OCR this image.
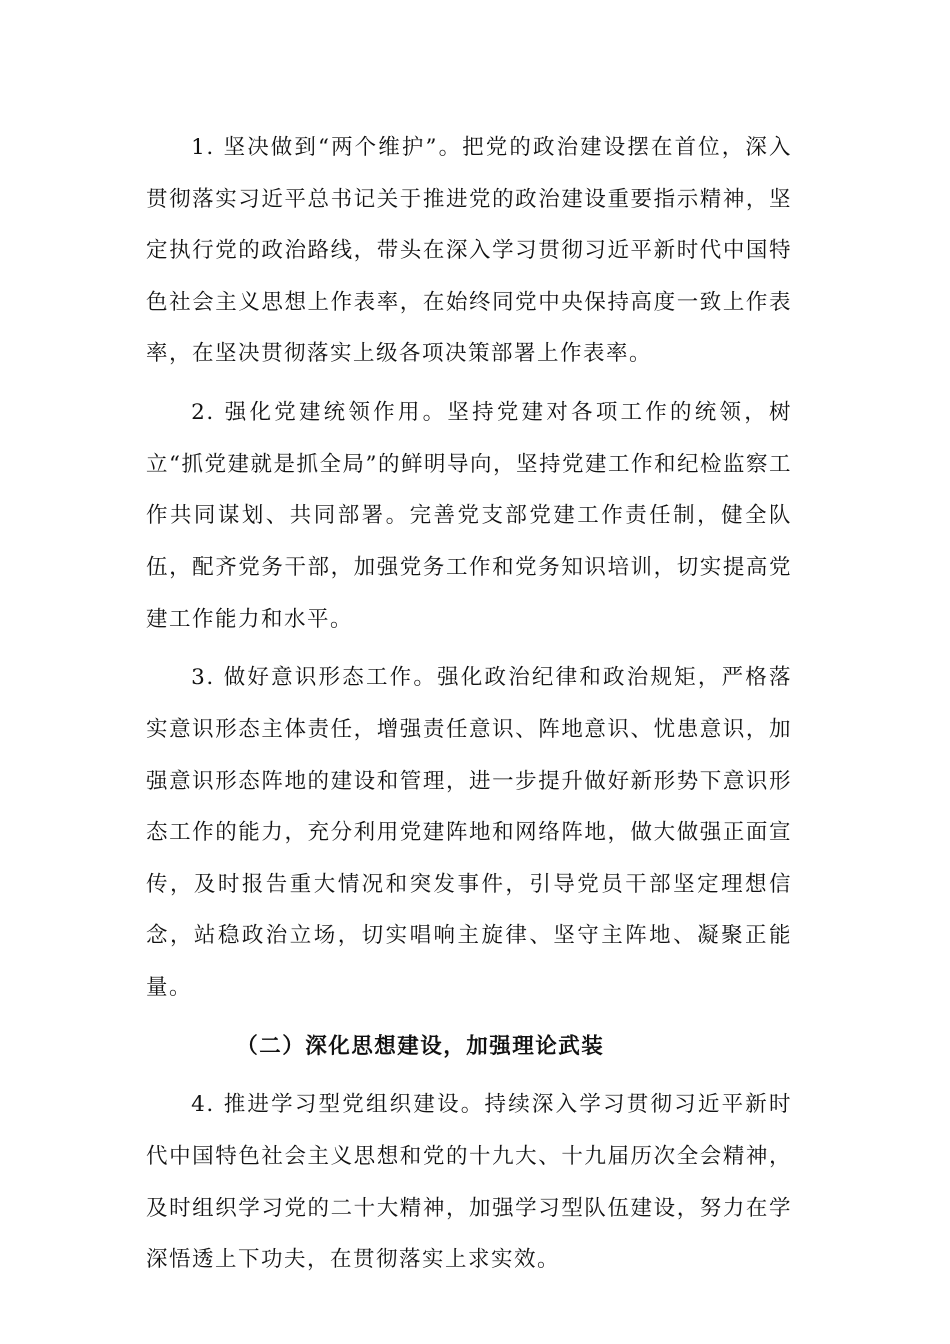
1. 坚决做到“两个维护”。把党的政治建设摆在首位，深入贯彻落实习近平总书记关于推进党的政治建设重要指示精神，坚定执行党的政治路线，带头在深入学习贯彻习近平新时代中国特色社会主义思想上作表率，在始终同党中央保持高度一致上作表率，在坚决贯彻落实上级各项决策部署上作表率。

2. 强化党建统领作用。坚持党建对各项工作的统领，树立“抓党建就是抓全局”的鲜明导向，坚持党建工作和纪检监察工作共同谋划、共同部署。完善党支部党建工作责任制，健全队伍，配齐党务干部，加强党务工作和党务知识培训，切实提高党建工作能力和水平。

3. 做好意识形态工作。强化政治纪律和政治规矩，严格落实意识形态主体责任，增强责任意识、阵地意识、忧患意识，加强意识形态阵地的建设和管理，进一步提升做好新形势下意识形态工作的能力，充分利用党建阵地和网络阵地，做大做强正面宣传，及时报告重大情况和突发事件，引导党员干部坚定理想信念，站稳政治立场，切实唱响主旋律、坚守主阵地、凝聚正能量。

（二）深化思想建设，加强理论武装

4. 推进学习型党组织建设。持续深入学习贯彻习近平新时代中国特色社会主义思想和党的十九大、十九届历次全会精神，及时组织学习党的二十大精神，加强学习型队伍建设，努力在学深悟透上下功夫，在贯彻落实上求实效。
